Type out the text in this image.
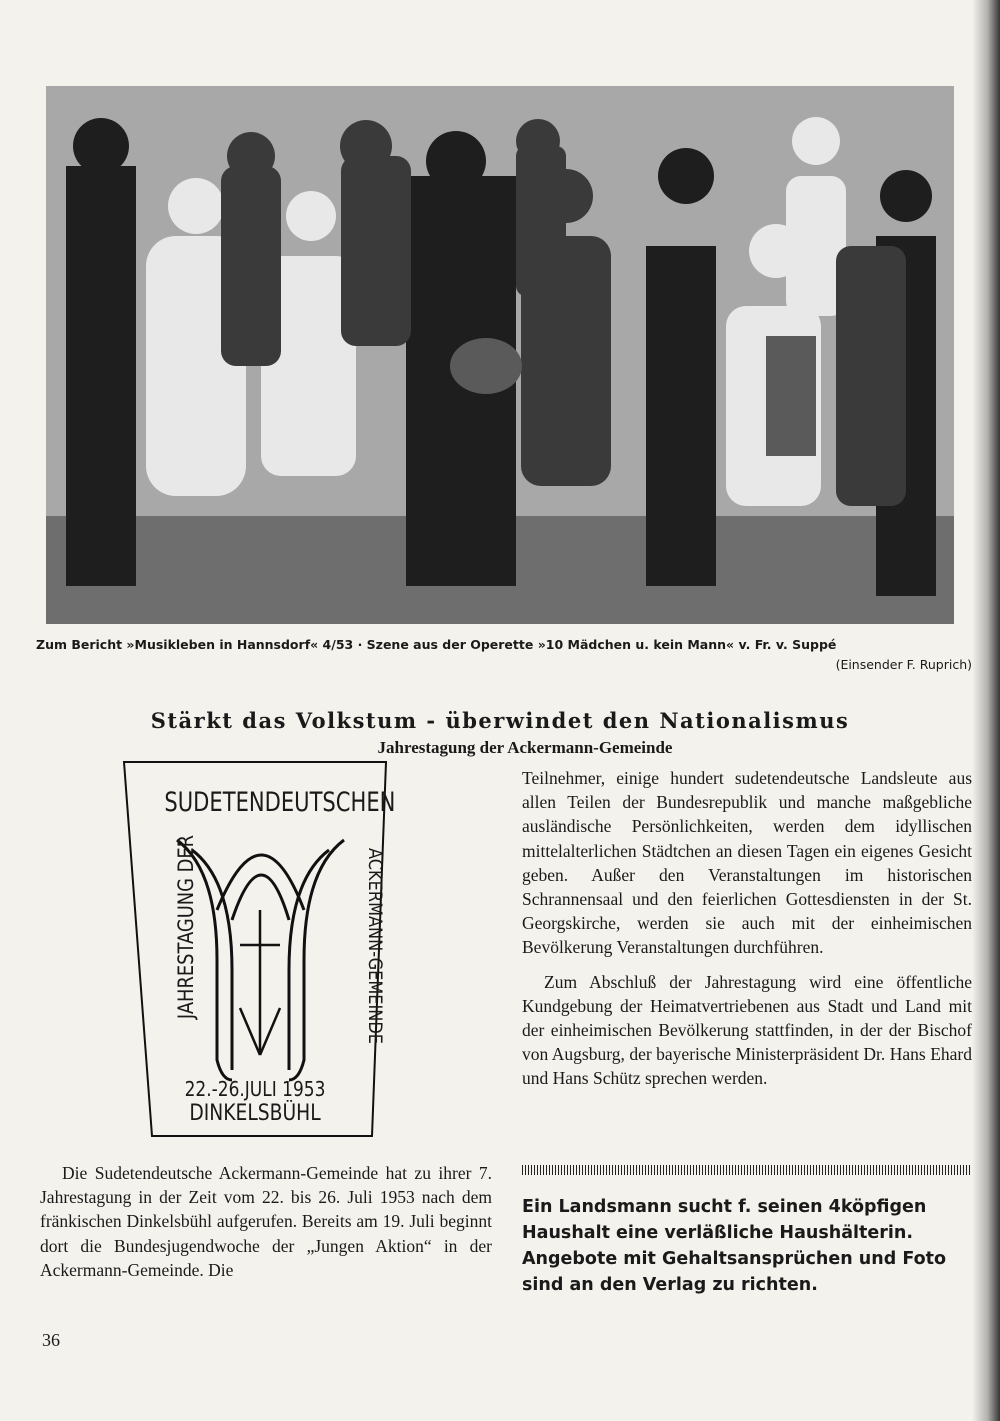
Zum Bericht »Musikleben in Hannsdorf« 4/53 · Szene aus der Operette »10 Mädchen u. kein Mann« v. Fr. v. Suppé
(Einsender F. Ruprich)
Stärkt das Volkstum - überwindet den Nationalismus
Jahrestagung der Ackermann-Gemeinde
SUDETENDEUTSCHEN
JAHRESTAGUNG DER	ACKERMANN-GEMEINDE
22.-26.JULI 1953
DINKELSBÜHL

Die Sudetendeutsche Ackermann-Gemeinde hat zu ihrer 7. Jahrestagung in der Zeit vom 22. bis 26. Juli 1953 nach dem fränkischen Dinkelsbühl aufgerufen. Bereits am 19. Juli beginnt dort die Bundesjugendwoche der „Jungen Aktion“ in der Ackermann-Gemeinde. Die

Teilnehmer, einige hundert sudetendeutsche Landsleute aus allen Teilen der Bundesrepublik und manche maßgebliche ausländische Persönlichkeiten, werden dem idyllischen mittelalterlichen Städtchen an diesen Tagen ein eigenes Gesicht geben. Außer den Veranstaltungen im historischen Schrannensaal und den feierlichen Gottesdiensten in der St. Georgskirche, werden sie auch mit der einheimischen Bevölkerung Veranstaltungen durchführen.

Zum Abschluß der Jahrestagung wird eine öffentliche Kundgebung der Heimatvertriebenen aus Stadt und Land mit der einheimischen Bevölkerung stattfinden, in der der Bischof von Augsburg, der bayerische Ministerpräsident Dr. Hans Ehard und Hans Schütz sprechen werden.

Ein Landsmann sucht f. seinen 4köpfigen Haushalt eine verläßliche Haushälterin. Angebote mit Gehaltsansprüchen und Foto sind an den Verlag zu richten.
36
